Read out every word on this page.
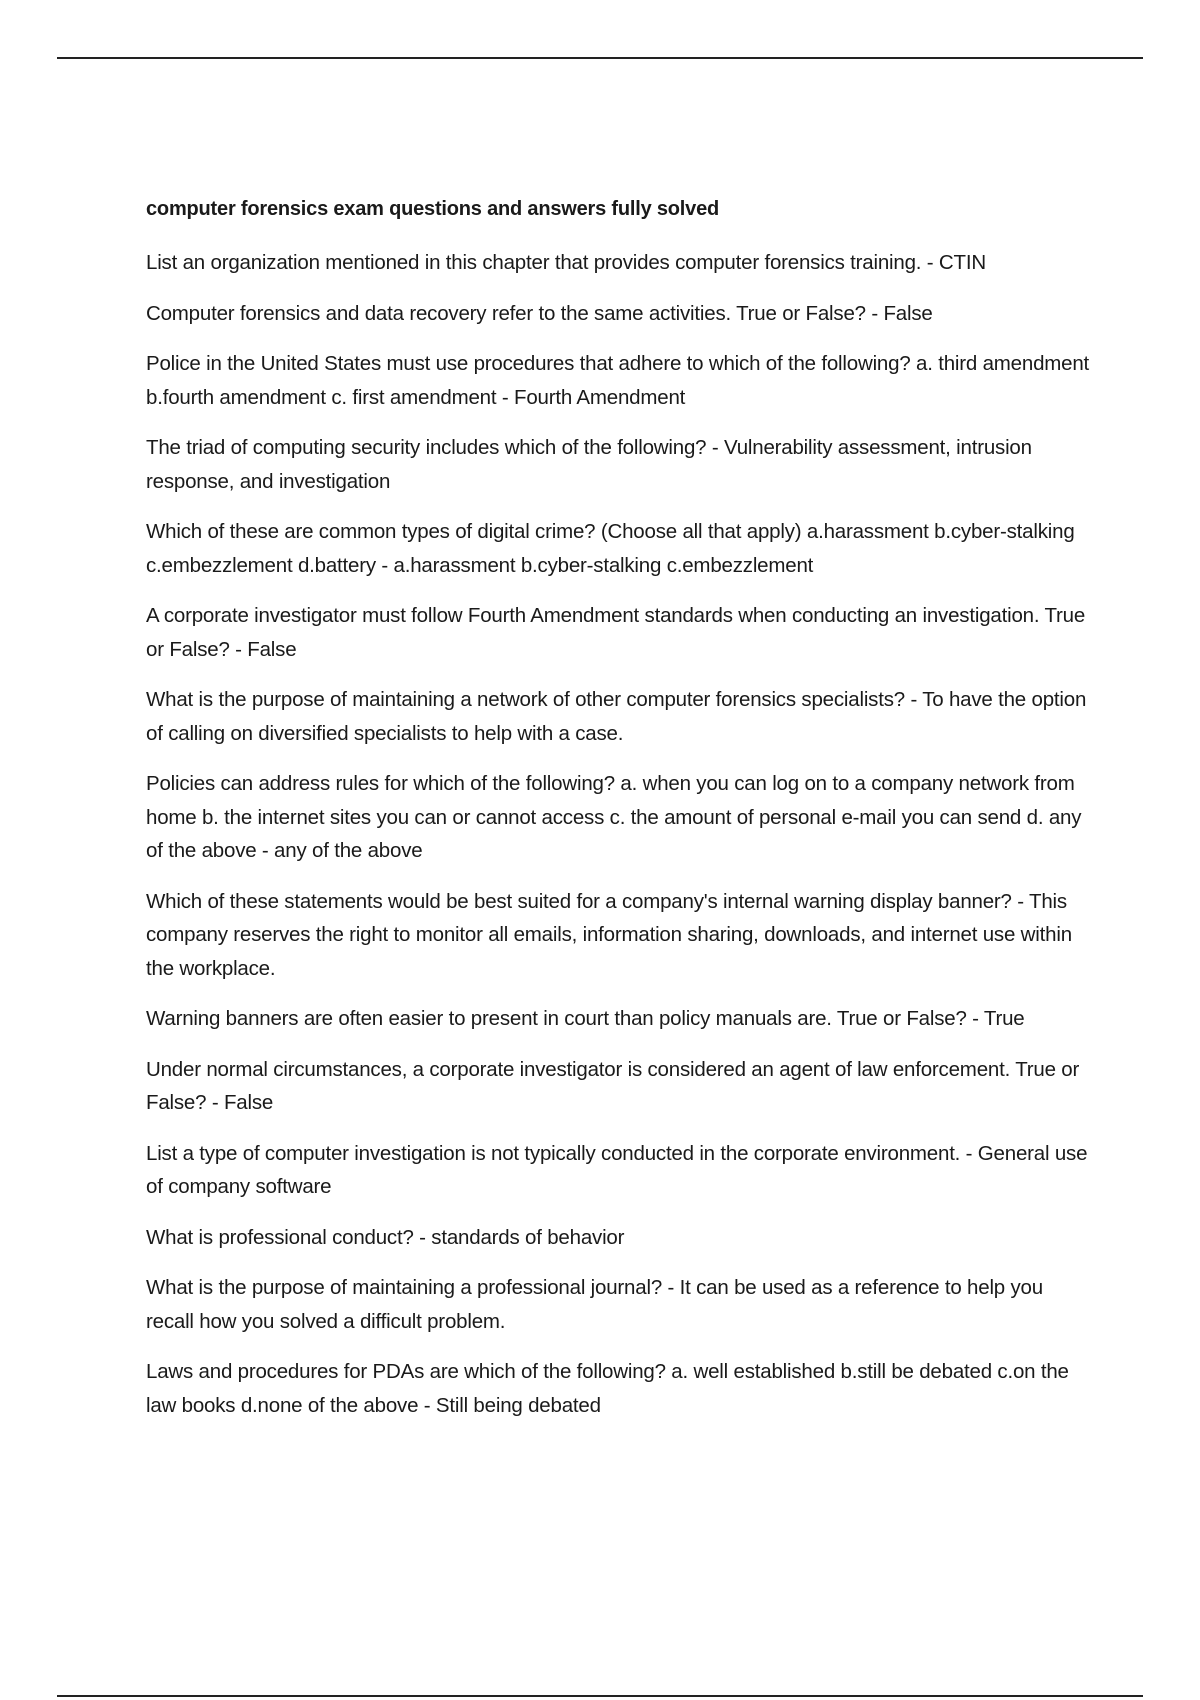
computer forensics exam questions and answers fully solved
List an organization mentioned in this chapter that provides computer forensics training. - CTIN
Computer forensics and data recovery refer to the same activities. True or False? - False
Police in the United States must use procedures that adhere to which of the following? a. third amendment b.fourth amendment c. first amendment - Fourth Amendment
The triad of computing security includes which of the following? - Vulnerability assessment, intrusion response, and investigation
Which of these are common types of digital crime? (Choose all that apply) a.harassment b.cyber-stalking c.embezzlement d.battery - a.harassment b.cyber-stalking c.embezzlement
A corporate investigator must follow Fourth Amendment standards when conducting an investigation. True or False? - False
What is the purpose of maintaining a network of other computer forensics specialists? - To have the option of calling on diversified specialists to help with a case.
Policies can address rules for which of the following? a. when you can log on to a company network from home b. the internet sites you can or cannot access c. the amount of personal e-mail you can send d. any of the above - any of the above
Which of these statements would be best suited for a company's internal warning display banner? - This company reserves the right to monitor all emails, information sharing, downloads, and internet use within the workplace.
Warning banners are often easier to present in court than policy manuals are. True or False? - True
Under normal circumstances, a corporate investigator is considered an agent of law enforcement. True or False? - False
List a type of computer investigation is not typically conducted in the corporate environment. - General use of company software
What is professional conduct? - standards of behavior
What is the purpose of maintaining a professional journal? - It can be used as a reference to help you recall how you solved a difficult problem.
Laws and procedures for PDAs are which of the following? a. well established b.still be debated c.on the law books d.none of the above - Still being debated
